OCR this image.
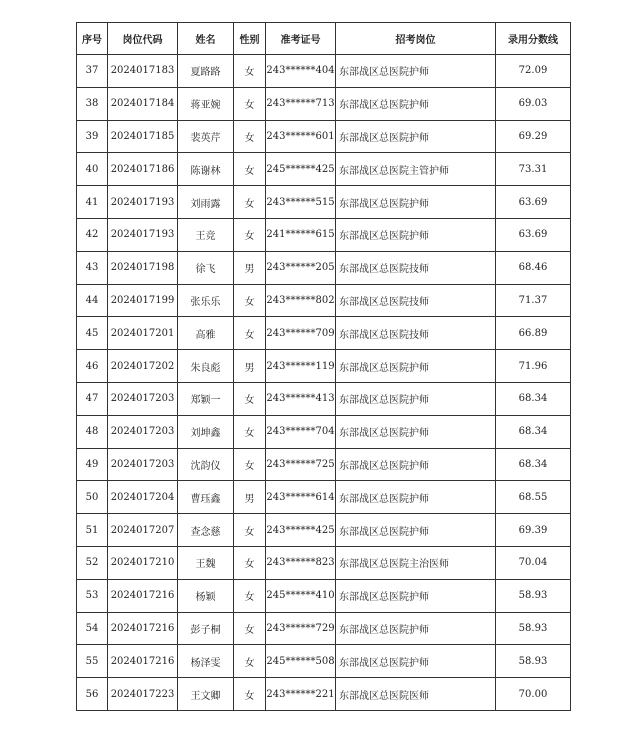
序号	岗位代码	姓名	性别	准考证号	招考岗位	录用分数线
37	2024017183	夏路路	女	243******404	东部战区总医院护师	72.09
38	2024017184	蒋亚婉	女	243******713	东部战区总医院护师	69.03
39	2024017185	裴英芹	女	243******601	东部战区总医院护师	69.29
40	2024017186	陈谢林	女	245******425	东部战区总医院主管护师	73.31
41	2024017193	刘雨露	女	243******515	东部战区总医院护师	63.69
42	2024017193	王竞	女	241******615	东部战区总医院护师	63.69
43	2024017198	徐飞	男	243******205	东部战区总医院技师	68.46
44	2024017199	张乐乐	女	243******802	东部战区总医院技师	71.37
45	2024017201	高雅	女	243******709	东部战区总医院技师	66.89
46	2024017202	朱良彪	男	243******119	东部战区总医院护师	71.96
47	2024017203	郑颖一	女	243******413	东部战区总医院护师	68.34
48	2024017203	刘坤鑫	女	243******704	东部战区总医院护师	68.34
49	2024017203	沈韵仪	女	243******725	东部战区总医院护师	68.34
50	2024017204	曹珏鑫	男	243******614	东部战区总医院护师	68.55
51	2024017207	查念慈	女	243******425	东部战区总医院护师	69.39
52	2024017210	王魏	女	243******823	东部战区总医院主治医师	70.04
53	2024017216	杨颖	女	245******410	东部战区总医院护师	58.93
54	2024017216	彭子桐	女	243******729	东部战区总医院护师	58.93
55	2024017216	杨泽雯	女	245******508	东部战区总医院护师	58.93
56	2024017223	王文卿	女	243******221	东部战区总医院医师	70.00
